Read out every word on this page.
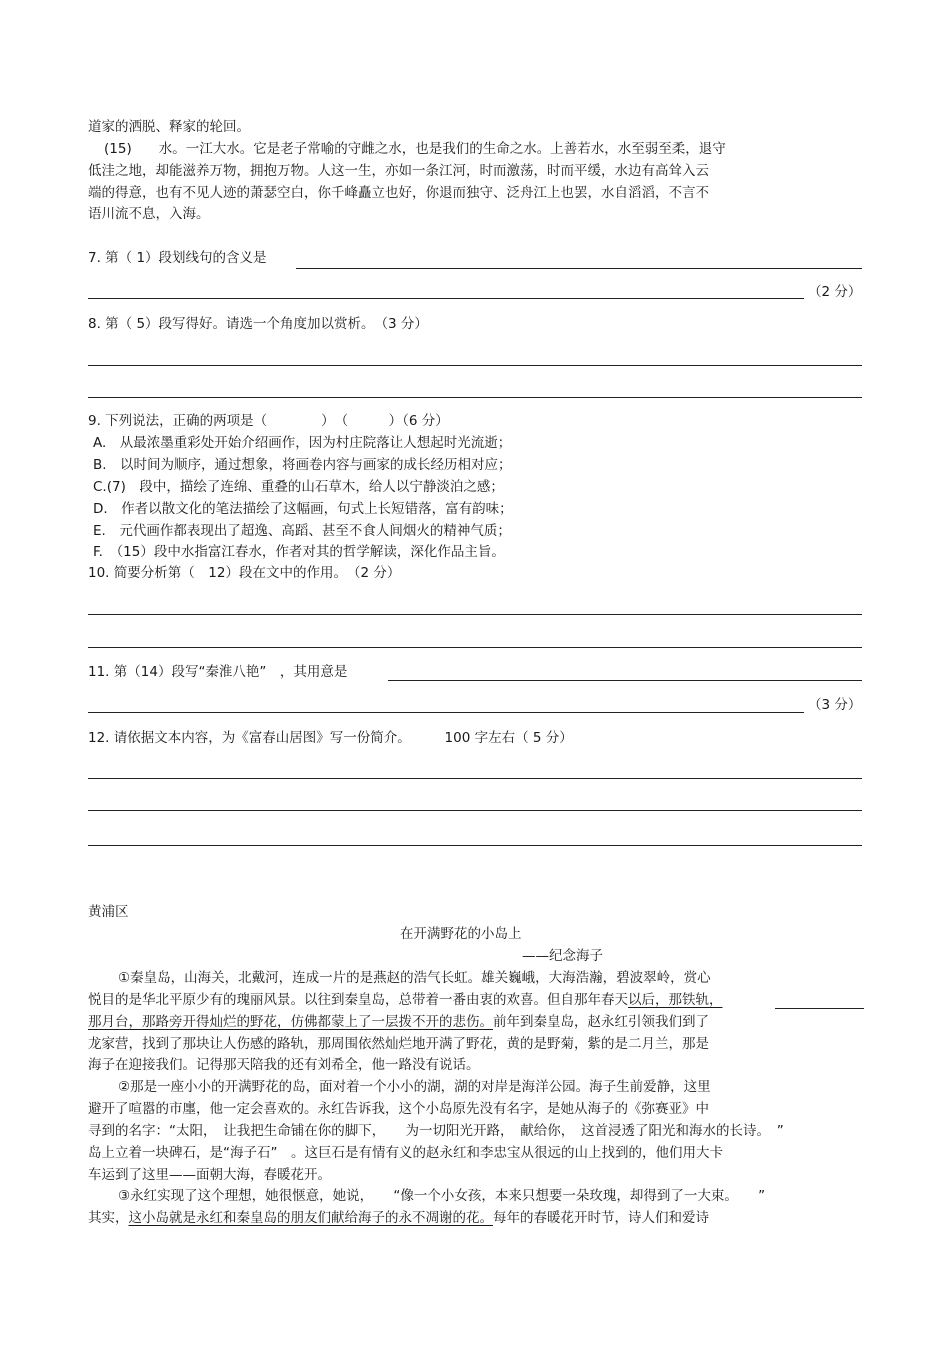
道家的洒脱、释家的轮回。
(15)　　水。一江大水。它是老子常喻的守雌之水，也是我们的生命之水。上善若水，水至弱至柔，退守
低洼之地，却能滋养万物，拥抱万物。人这一生，亦如一条江河，时而激荡，时而平缓，水边有高耸入云
端的得意，也有不见人迹的萧瑟空白，你千峰矗立也好，你退而独守、泛舟江上也罢，水自滔滔，不言不
语川流不息，入海。
7. 第（ 1）段划线句的含义是
（2 分）
8. 第（ 5）段写得好。请选一个角度加以赏析。　（3 分）
9. 下列说法，正确的两项是（　　　　）　（　　　）（6 分）
A.　从最浓墨重彩处开始介绍画作，因为村庄院落让人想起时光流逝；
B.　以时间为顺序，通过想象，将画卷内容与画家的成长经历相对应；
C.(7)　段中，描绘了连绵、重叠的山石草木，给人以宁静淡泊之感；
D.　作者以散文化的笔法描绘了这幅画，句式上长短错落，富有韵味；
E.　元代画作都表现出了超逸、高蹈、甚至不食人间烟火的精神气质；
F.　（15）段中水指富江春水，作者对其的哲学解读，深化作品主旨。
10. 简要分析第（　12）段在文中的作用。　（2 分）
11. 第（14）段写“秦淮八艳”　，其用意是
（3 分）
12. 请依据文本内容，为《富春山居图》写一份简介。　　　100 字左右（ 5 分）
黄浦区
在开满野花的小岛上
——纪念海子
①秦皇岛，山海关，北戴河，连成一片的是燕赵的浩气长虹。雄关巍峨，大海浩瀚，碧波翠岭，赏心
悦目的是华北平原少有的瑰丽风景。以往到秦皇岛，总带着一番由衷的欢喜。但自那年春天以后，那铁轨，
那月台，那路旁开得灿烂的野花，仿佛都蒙上了一层拨不开的悲伤。前年到秦皇岛，赵永红引领我们到了
龙家营，找到了那块让人伤感的路轨，那周围依然灿烂地开满了野花，黄的是野菊，紫的是二月兰，那是
海子在迎接我们。记得那天陪我的还有刘希全，他一路没有说话。
②那是一座小小的开满野花的岛，面对着一个小小的湖，湖的对岸是海洋公园。海子生前爱静，这里
避开了喧嚣的市廛，他一定会喜欢的。永红告诉我，这个小岛原先没有名字，是她从海子的《弥赛亚》中
寻到的名字：“太阳，　让我把生命铺在你的脚下，　　为一切阳光开路，　献给你，　这首浸透了阳光和海水的长诗。　”
岛上立着一块碑石，是“海子石”　。这巨石是有情有义的赵永红和李忠宝从很远的山上找到的，他们用大卡
车运到了这里——面朝大海，春暖花开。
③永红实现了这个理想，她很惬意，她说，　　“像一个小女孩，本来只想要一朵玫瑰，却得到了一大束。　　”
其实，这小岛就是永红和秦皇岛的朋友们献给海子的永不凋谢的花。每年的春暖花开时节，诗人们和爱诗
